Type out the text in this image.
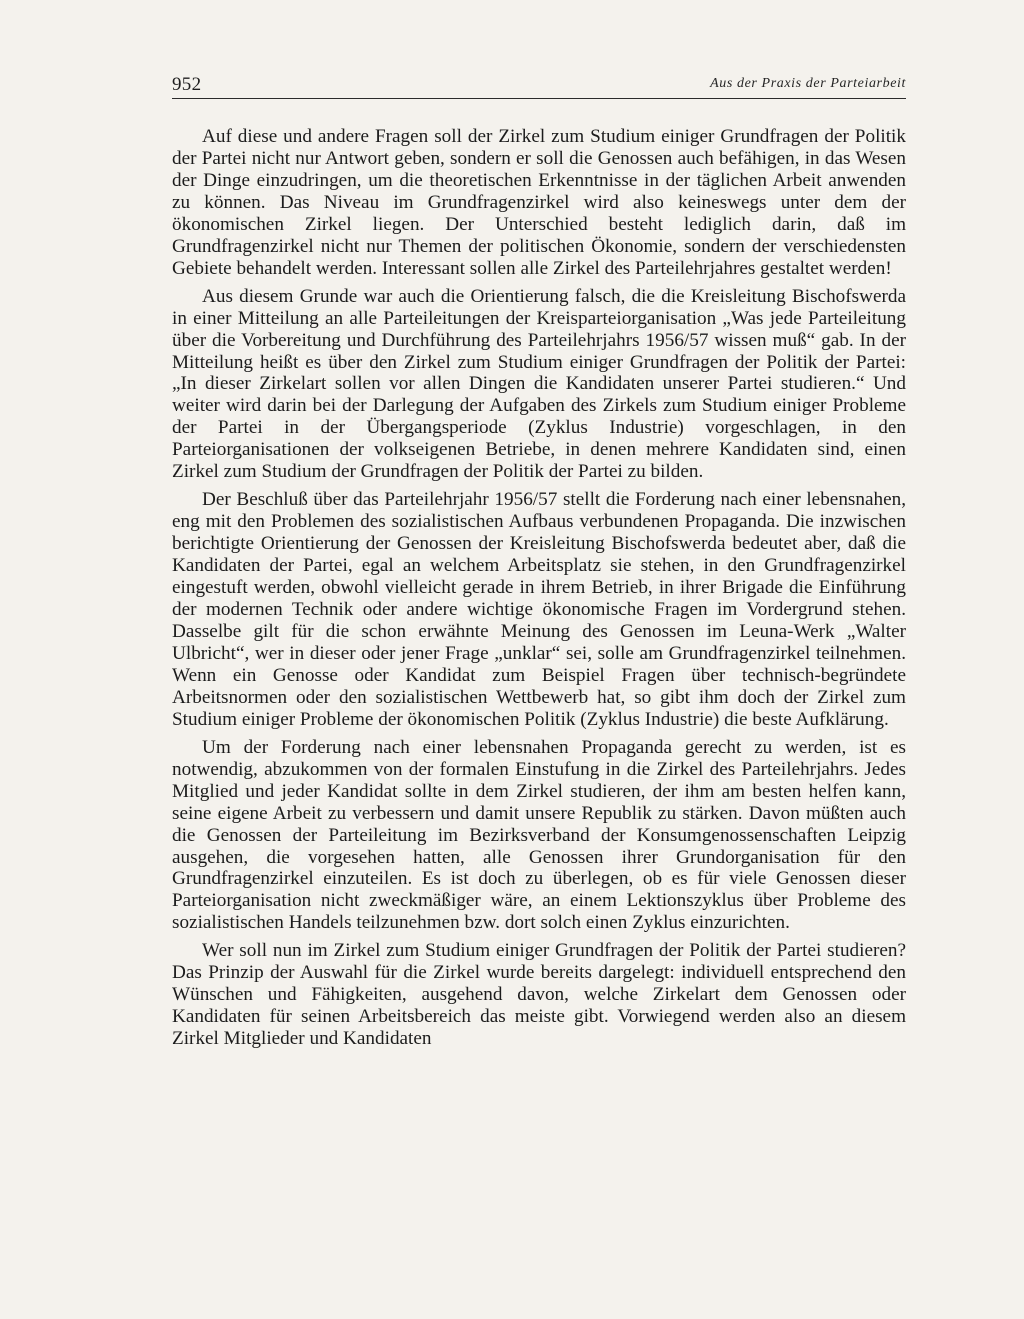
952	Aus der Praxis der Parteiarbeit

Auf diese und andere Fragen soll der Zirkel zum Studium einiger Grundfragen der Politik der Partei nicht nur Antwort geben, sondern er soll die Genossen auch befähigen, in das Wesen der Dinge einzudringen, um die theoretischen Erkenntnisse in der täglichen Arbeit anwenden zu können. Das Niveau im Grundfragenzirkel wird also keineswegs unter dem der ökonomischen Zirkel liegen. Der Unterschied besteht lediglich darin, daß im Grundfragenzirkel nicht nur Themen der politischen Ökonomie, sondern der verschiedensten Gebiete behandelt werden. Interessant sollen alle Zirkel des Parteilehrjahres gestaltet werden!

Aus diesem Grunde war auch die Orientierung falsch, die die Kreisleitung Bischofswerda in einer Mitteilung an alle Parteileitungen der Kreisparteiorganisation „Was jede Parteileitung über die Vorbereitung und Durchführung des Parteilehrjahrs 1956/57 wissen muß“ gab. In der Mitteilung heißt es über den Zirkel zum Studium einiger Grundfragen der Politik der Partei: „In dieser Zirkelart sollen vor allen Dingen die Kandidaten unserer Partei studieren.“ Und weiter wird darin bei der Darlegung der Aufgaben des Zirkels zum Studium einiger Probleme der Partei in der Übergangsperiode (Zyklus Industrie) vorgeschlagen, in den Parteiorganisationen der volkseigenen Betriebe, in denen mehrere Kandidaten sind, einen Zirkel zum Studium der Grundfragen der Politik der Partei zu bilden.

Der Beschluß über das Parteilehrjahr 1956/57 stellt die Forderung nach einer lebensnahen, eng mit den Problemen des sozialistischen Aufbaus verbundenen Propaganda. Die inzwischen berichtigte Orientierung der Genossen der Kreisleitung Bischofswerda bedeutet aber, daß die Kandidaten der Partei, egal an welchem Arbeitsplatz sie stehen, in den Grundfragenzirkel eingestuft werden, obwohl vielleicht gerade in ihrem Betrieb, in ihrer Brigade die Einführung der modernen Technik oder andere wichtige ökonomische Fragen im Vordergrund stehen. Dasselbe gilt für die schon erwähnte Meinung des Genossen im Leuna-Werk „Walter Ulbricht“, wer in dieser oder jener Frage „unklar“ sei, solle am Grundfragenzirkel teilnehmen. Wenn ein Genosse oder Kandidat zum Beispiel Fragen über technisch-begründete Arbeitsnormen oder den sozialistischen Wettbewerb hat, so gibt ihm doch der Zirkel zum Studium einiger Probleme der ökonomischen Politik (Zyklus Industrie) die beste Aufklärung.

Um der Forderung nach einer lebensnahen Propaganda gerecht zu werden, ist es notwendig, abzukommen von der formalen Einstufung in die Zirkel des Parteilehrjahrs. Jedes Mitglied und jeder Kandidat sollte in dem Zirkel studieren, der ihm am besten helfen kann, seine eigene Arbeit zu verbessern und damit unsere Republik zu stärken. Davon müßten auch die Genossen der Parteileitung im Bezirksverband der Konsumgenossenschaften Leipzig ausgehen, die vorgesehen hatten, alle Genossen ihrer Grundorganisation für den Grundfragenzirkel einzuteilen. Es ist doch zu überlegen, ob es für viele Genossen dieser Parteiorganisation nicht zweckmäßiger wäre, an einem Lektionszyklus über Probleme des sozialistischen Handels teilzunehmen bzw. dort solch einen Zyklus einzurichten.

Wer soll nun im Zirkel zum Studium einiger Grundfragen der Politik der Partei studieren? Das Prinzip der Auswahl für die Zirkel wurde bereits dargelegt: individuell entsprechend den Wünschen und Fähigkeiten, ausgehend davon, welche Zirkelart dem Genossen oder Kandidaten für seinen Arbeitsbereich das meiste gibt. Vorwiegend werden also an diesem Zirkel Mitglieder und Kandidaten
